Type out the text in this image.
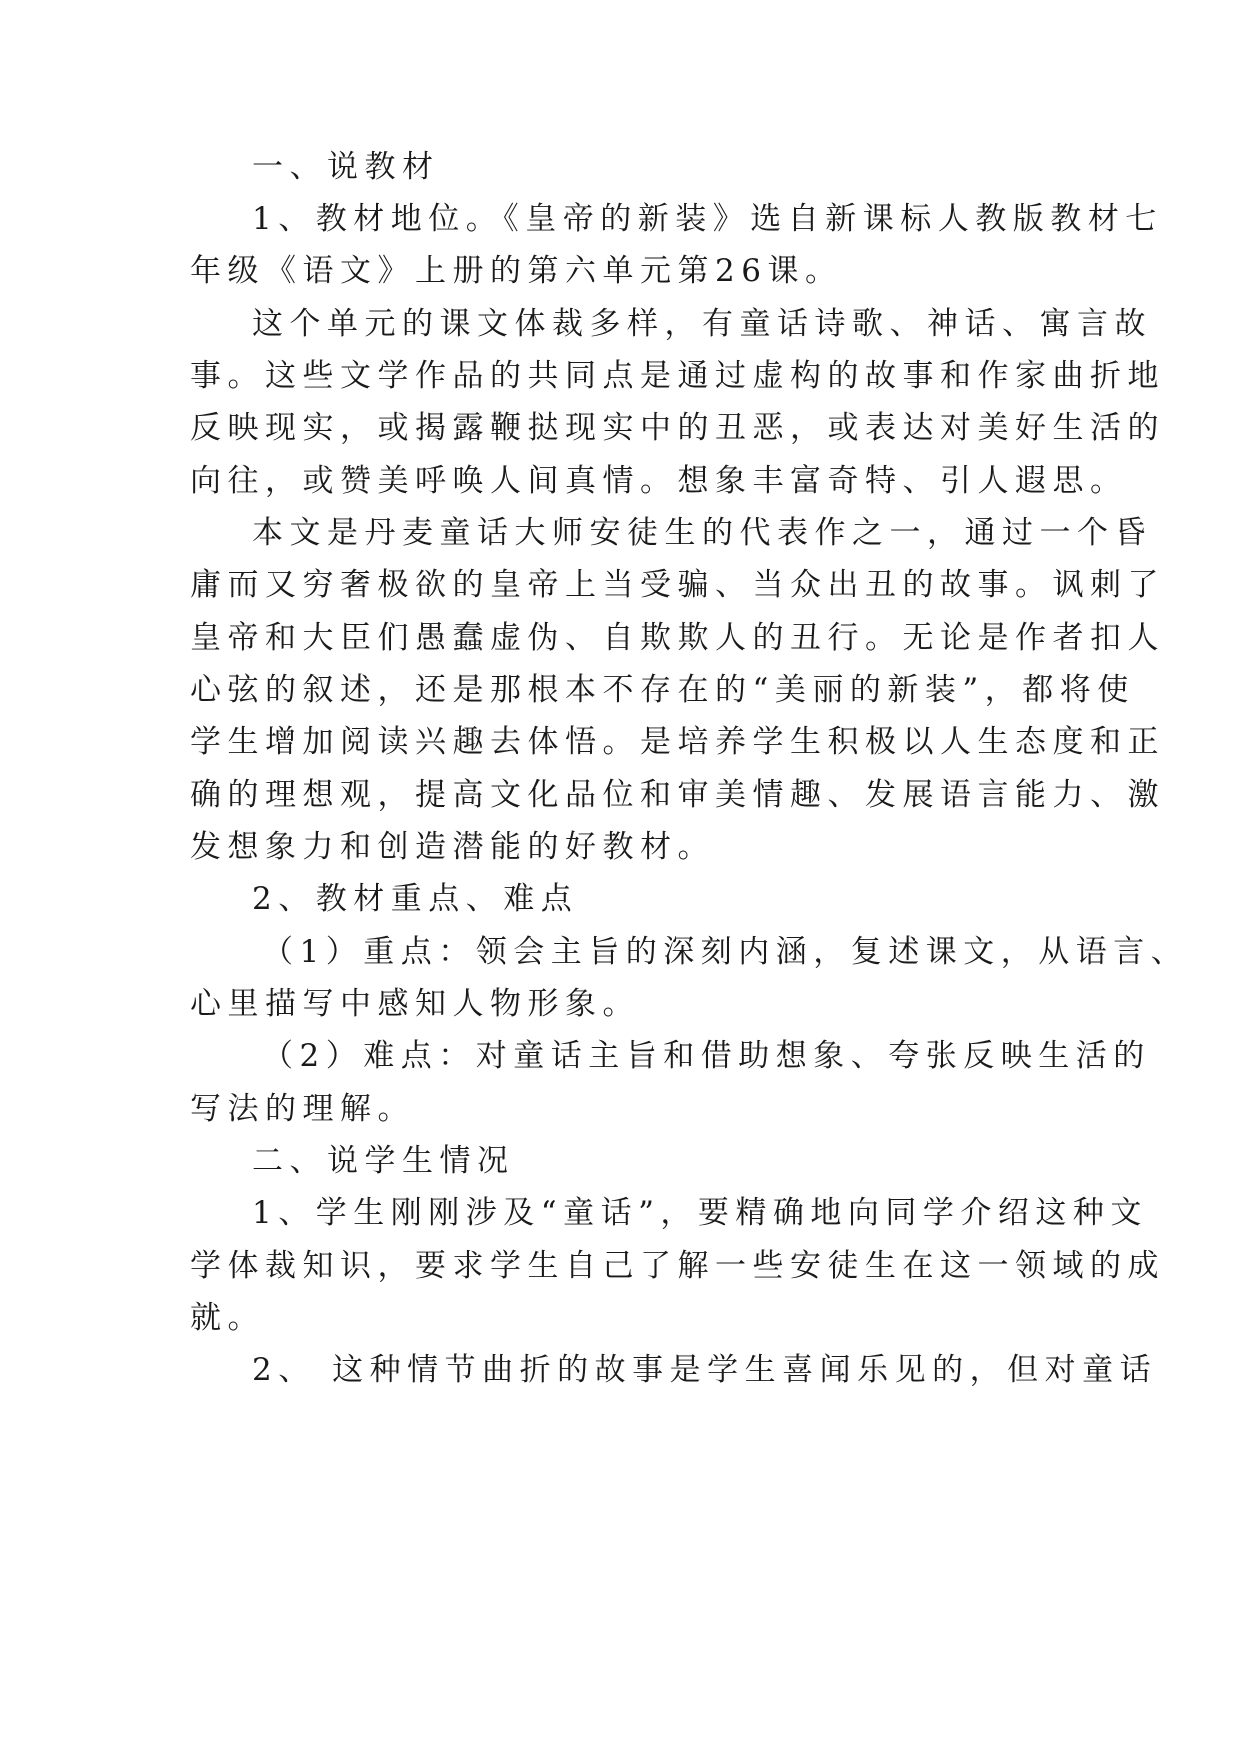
一、说教材
1、教材地位。《皇帝的新装》选自新课标人教版教材七
年级《语文》上册的第六单元第26课。
这个单元的课文体裁多样，有童话诗歌、神话、寓言故
事。这些文学作品的共同点是通过虚构的故事和作家曲折地
反映现实，或揭露鞭挞现实中的丑恶，或表达对美好生活的
向往，或赞美呼唤人间真情。想象丰富奇特、引人遐思。
本文是丹麦童话大师安徒生的代表作之一，通过一个昏
庸而又穷奢极欲的皇帝上当受骗、当众出丑的故事。讽刺了
皇帝和大臣们愚蠢虚伪、自欺欺人的丑行。无论是作者扣人
心弦的叙述，还是那根本不存在的“美丽的新装”，都将使
学生增加阅读兴趣去体悟。是培养学生积极以人生态度和正
确的理想观，提高文化品位和审美情趣、发展语言能力、激
发想象力和创造潜能的好教材。
2、教材重点、难点
（1）重点：领会主旨的深刻内涵，复述课文，从语言、
心里描写中感知人物形象。
（2）难点：对童话主旨和借助想象、夸张反映生活的
写法的理解。
二、说学生情况
1、学生刚刚涉及“童话”，要精确地向同学介绍这种文
学体裁知识，要求学生自己了解一些安徒生在这一领域的成
就。
2、 这种情节曲折的故事是学生喜闻乐见的，但对童话
